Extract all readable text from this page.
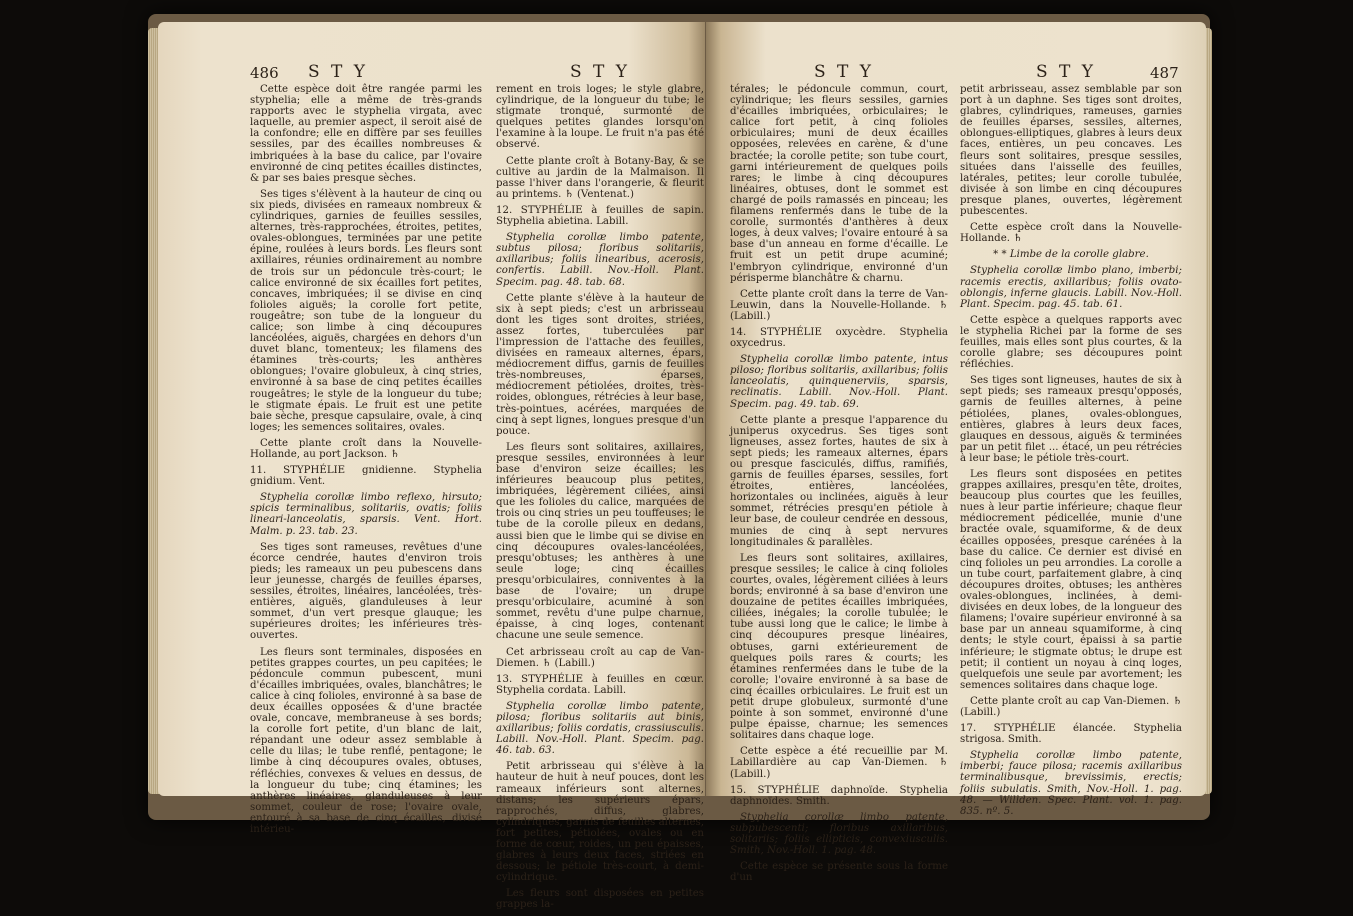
486 S T Y	S T Y

Cette espèce doit être rangée parmi les styphelia; elle a même de très-grands rapports avec le styphelia virgata, avec laquelle, au premier aspect, il seroit aisé de la confondre; elle en diffère par ses feuilles sessiles, par des écailles nombreuses & imbriquées à la base du calice, par l'ovaire environné de cinq petites écailles distinctes, & par ses baies presque sèches.

Ses tiges s'élèvent à la hauteur de cinq ou six pieds, divisées en rameaux nombreux & cylindriques, garnies de feuilles sessiles, alternes, très-rapprochées, étroites, petites, ovales-oblongues, terminées par une petite épine, roulées à leurs bords. Les fleurs sont axillaires, réunies ordinairement au nombre de trois sur un pédoncule très-court; le calice environné de six écailles fort petites, concaves, imbriquées; il se divise en cinq folioles aiguës; la corolle fort petite, rougeâtre; son tube de la longueur du calice; son limbe à cinq découpures lancéolées, aiguës, chargées en dehors d'un duvet blanc, tomenteux; les filamens des étamines très-courts; les anthères oblongues; l'ovaire globuleux, à cinq stries, environné à sa base de cinq petites écailles rougeâtres; le style de la longueur du tube; le stigmate épais. Le fruit est une petite baie sèche, presque capsulaire, ovale, à cinq loges; les semences solitaires, ovales.

Cette plante croît dans la Nouvelle-Hollande, au port Jackson. ♄

11. STYPHÉLIE gnidienne. Styphelia gnidium. Vent.

Styphelia corollæ limbo reflexo, hirsuto; spicis terminalibus, solitariis, ovatis; foliis lineari-lanceolatis, sparsis. Vent. Hort. Malm. p. 23. tab. 23.

Ses tiges sont rameuses, revêtues d'une écorce cendrée, hautes d'environ trois pieds; les rameaux un peu pubescens dans leur jeunesse, chargés de feuilles éparses, sessiles, étroites, linéaires, lancéolées, très-entières, aiguës, glanduleuses à leur sommet, d'un vert presque glauque; les supérieures droites; les inférieures très-ouvertes.

Les fleurs sont terminales, disposées en petites grappes courtes, un peu capitées; le pédoncule commun pubescent, muni d'écailles imbriquées, ovales, blanchâtres; le calice à cinq folioles, environné à sa base de deux écailles opposées & d'une bractée ovale, concave, membraneuse à ses bords; la corolle fort petite, d'un blanc de lait, répandant une odeur assez semblable à celle du lilas; le tube renflé, pentagone; le limbe à cinq découpures ovales, obtuses, réfléchies, convexes & velues en dessus, de la longueur du tube; cinq étamines; les anthères linéaires, glanduleuses à leur sommet, couleur de rose; l'ovaire ovale, entouré à sa base de cinq écailles, divisé intérieu-

rement en trois loges; le style glabre, cylindrique, de la longueur du tube; le stigmate tronqué, surmonté de quelques petites glandes lorsqu'on l'examine à la loupe. Le fruit n'a pas été observé.

Cette plante croît à Botany-Bay, & se cultive au jardin de la Malmaison. Il passe l'hiver dans l'orangerie, & fleurit au printems. ♄ (Ventenat.)

12. STYPHÉLIE à feuilles de sapin. Styphelia abietina. Labill.

Styphelia corollæ limbo patente, subtus pilosa; floribus solitariis, axillaribus; foliis linearibus, acerosis, confertis. Labill. Nov.-Holl. Plant. Specim. pag. 48. tab. 68.

Cette plante s'élève à la hauteur de six à sept pieds; c'est un arbrisseau dont les tiges sont droites, striées, assez fortes, tuberculées par l'impression de l'attache des feuilles, divisées en rameaux alternes, épars, médiocrement diffus, garnis de feuilles très-nombreuses, éparses, médiocrement pétiolées, droites, très-roides, oblongues, rétrécies à leur base, très-pointues, acérées, marquées de cinq à sept lignes, longues presque d'un pouce.

Les fleurs sont solitaires, axillaires, presque sessiles, environnées à leur base d'environ seize écailles; les inférieures beaucoup plus petites, imbriquées, légèrement ciliées, ainsi que les folioles du calice, marquées de trois ou cinq stries un peu touffeuses; le tube de la corolle pileux en dedans, aussi bien que le limbe qui se divise en cinq découpures ovales-lancéolées, presqu'obtuses; les anthères à une seule loge; cinq écailles presqu'orbiculaires, conniventes à la base de l'ovaire; un drupe presqu'orbiculaire, acuminé à son sommet, revêtu d'une pulpe charnue, épaisse, à cinq loges, contenant chacune une seule semence.

Cet arbrisseau croît au cap de Van-Diemen. ♄ (Labill.)

13. STYPHÉLIE à feuilles en cœur. Styphelia cordata. Labill.

Styphelia corollæ limbo patente, pilosa; floribus solitariis aut binis, axillaribus; foliis cordatis, crassiusculis. Labill. Nov.-Holl. Plant. Specim. pag. 46. tab. 63.

Petit arbrisseau qui s'élève à la hauteur de huit à neuf pouces, dont les rameaux inférieurs sont alternes, distans; les supérieurs épars, rapprochés, diffus, glabres, cylindriques, garnis de feuilles alternes, fort petites, pétiolées, ovales ou en forme de cœur, roides, un peu épaisses, glabres à leurs deux faces, striées en dessous; le pétiole très-court, à demi-cylindrique.

Les fleurs sont disposées en petites grappes la-

S T Y	S T Y	487

térales; le pédoncule commun, court, cylindrique; les fleurs sessiles, garnies d'écailles imbriquées, orbiculaires; le calice fort petit, à cinq folioles orbiculaires; muni de deux écailles opposées, relevées en carène, & d'une bractée; la corolle petite; son tube court, garni intérieurement de quelques poils rares; le limbe à cinq découpures linéaires, obtuses, dont le sommet est chargé de poils ramassés en pinceau; les filamens renfermés dans le tube de la corolle, surmontés d'anthères à deux loges, à deux valves; l'ovaire entouré à sa base d'un anneau en forme d'écaille. Le fruit est un petit drupe acuminé; l'embryon cylindrique, environné d'un périsperme blanchâtre & charnu.

Cette plante croît dans la terre de Van-Leuwin, dans la Nouvelle-Hollande. ♄ (Labill.)

14. STYPHÉLIE oxycèdre. Styphelia oxycedrus.

Styphelia corollæ limbo patente, intus piloso; floribus solitariis, axillaribus; foliis lanceolatis, quinquenerviis, sparsis, reclinatis. Labill. Nov.-Holl. Plant. Specim. pag. 49. tab. 69.

Cette plante a presque l'apparence du juniperus oxycedrus. Ses tiges sont ligneuses, assez fortes, hautes de six à sept pieds; les rameaux alternes, épars ou presque fasciculés, diffus, ramifiés, garnis de feuilles éparses, sessiles, fort étroites, entières, lancéolées, horizontales ou inclinées, aiguës à leur sommet, rétrécies presqu'en pétiole à leur base, de couleur cendrée en dessous, munies de cinq à sept nervures longitudinales & parallèles.

Les fleurs sont solitaires, axillaires, presque sessiles; le calice à cinq folioles courtes, ovales, légèrement ciliées à leurs bords; environné à sa base d'environ une douzaine de petites écailles imbriquées, ciliées, inégales; la corolle tubulée; le tube aussi long que le calice; le limbe à cinq découpures presque linéaires, obtuses, garni extérieurement de quelques poils rares & courts; les étamines renfermées dans le tube de la corolle; l'ovaire environné à sa base de cinq écailles orbiculaires. Le fruit est un petit drupe globuleux, surmonté d'une pointe à son sommet, environné d'une pulpe épaisse, charnue; les semences solitaires dans chaque loge.

Cette espèce a été recueillie par M. Labillardière au cap Van-Diemen. ♄ (Labill.)

15. STYPHÉLIE daphnoïde. Styphelia daphnoïdes. Smith.

Styphelia corollæ limbo patente, subpubescenti; floribus axillaribus, solitariis; foliis ellipticis, convexiusculis. Smith, Nov.-Holl. 1. pag. 48.

Cette espèce se présente sous la forme d'un

petit arbrisseau, assez semblable par son port à un daphne. Ses tiges sont droites, glabres, cylindriques, rameuses, garnies de feuilles éparses, sessiles, alternes, oblongues-elliptiques, glabres à leurs deux faces, entières, un peu concaves. Les fleurs sont solitaires, presque sessiles, situées dans l'aisselle des feuilles, latérales, petites; leur corolle tubulée, divisée à son limbe en cinq découpures presque planes, ouvertes, légèrement pubescentes.

Cette espèce croît dans la Nouvelle-Hollande. ♄

* * Limbe de la corolle glabre.

Styphelia corollæ limbo plano, imberbi; racemis erectis, axillaribus; foliis ovato-oblongis, inferne glaucis. Labill. Nov.-Holl. Plant. Specim. pag. 45. tab. 61.

Cette espèce a quelques rapports avec le styphelia Richei par la forme de ses feuilles, mais elles sont plus courtes, & la corolle glabre; ses découpures point réfléchies.

Ses tiges sont ligneuses, hautes de six à sept pieds; ses rameaux presqu'opposés, garnis de feuilles alternes, à peine pétiolées, planes, ovales-oblongues, entières, glabres à leurs deux faces, glauques en dessous, aiguës & terminées par un petit filet ... étacé, un peu rétrécies à leur base; le pétiole très-court.

Les fleurs sont disposées en petites grappes axillaires, presqu'en tête, droites, beaucoup plus courtes que les feuilles, nues à leur partie inférieure; chaque fleur médiocrement pédicellée, munie d'une bractée ovale, squamiforme, & de deux écailles opposées, presque carénées à la base du calice. Ce dernier est divisé en cinq folioles un peu arrondies. La corolle a un tube court, parfaitement glabre, à cinq découpures droites, obtuses; les anthères ovales-oblongues, inclinées, à demi-divisées en deux lobes, de la longueur des filamens; l'ovaire supérieur environné à sa base par un anneau squamiforme, à cinq dents; le style court, épaissi à sa partie inférieure; le stigmate obtus; le drupe est petit; il contient un noyau à cinq loges, quelquefois une seule par avortement; les semences solitaires dans chaque loge.

Cette plante croît au cap Van-Diemen. ♄ (Labill.)

17. STYPHÉLIE élancée. Styphelia strigosa. Smith.

Styphelia corollæ limbo patente, imberbi; fauce pilosa; racemis axillaribus terminalibusque, brevissimis, erectis; foliis subulatis. Smith, Nov.-Holl. 1. pag. 48. — Willden. Spec. Plant. vol. 1. pag. 835. nº. 5.
